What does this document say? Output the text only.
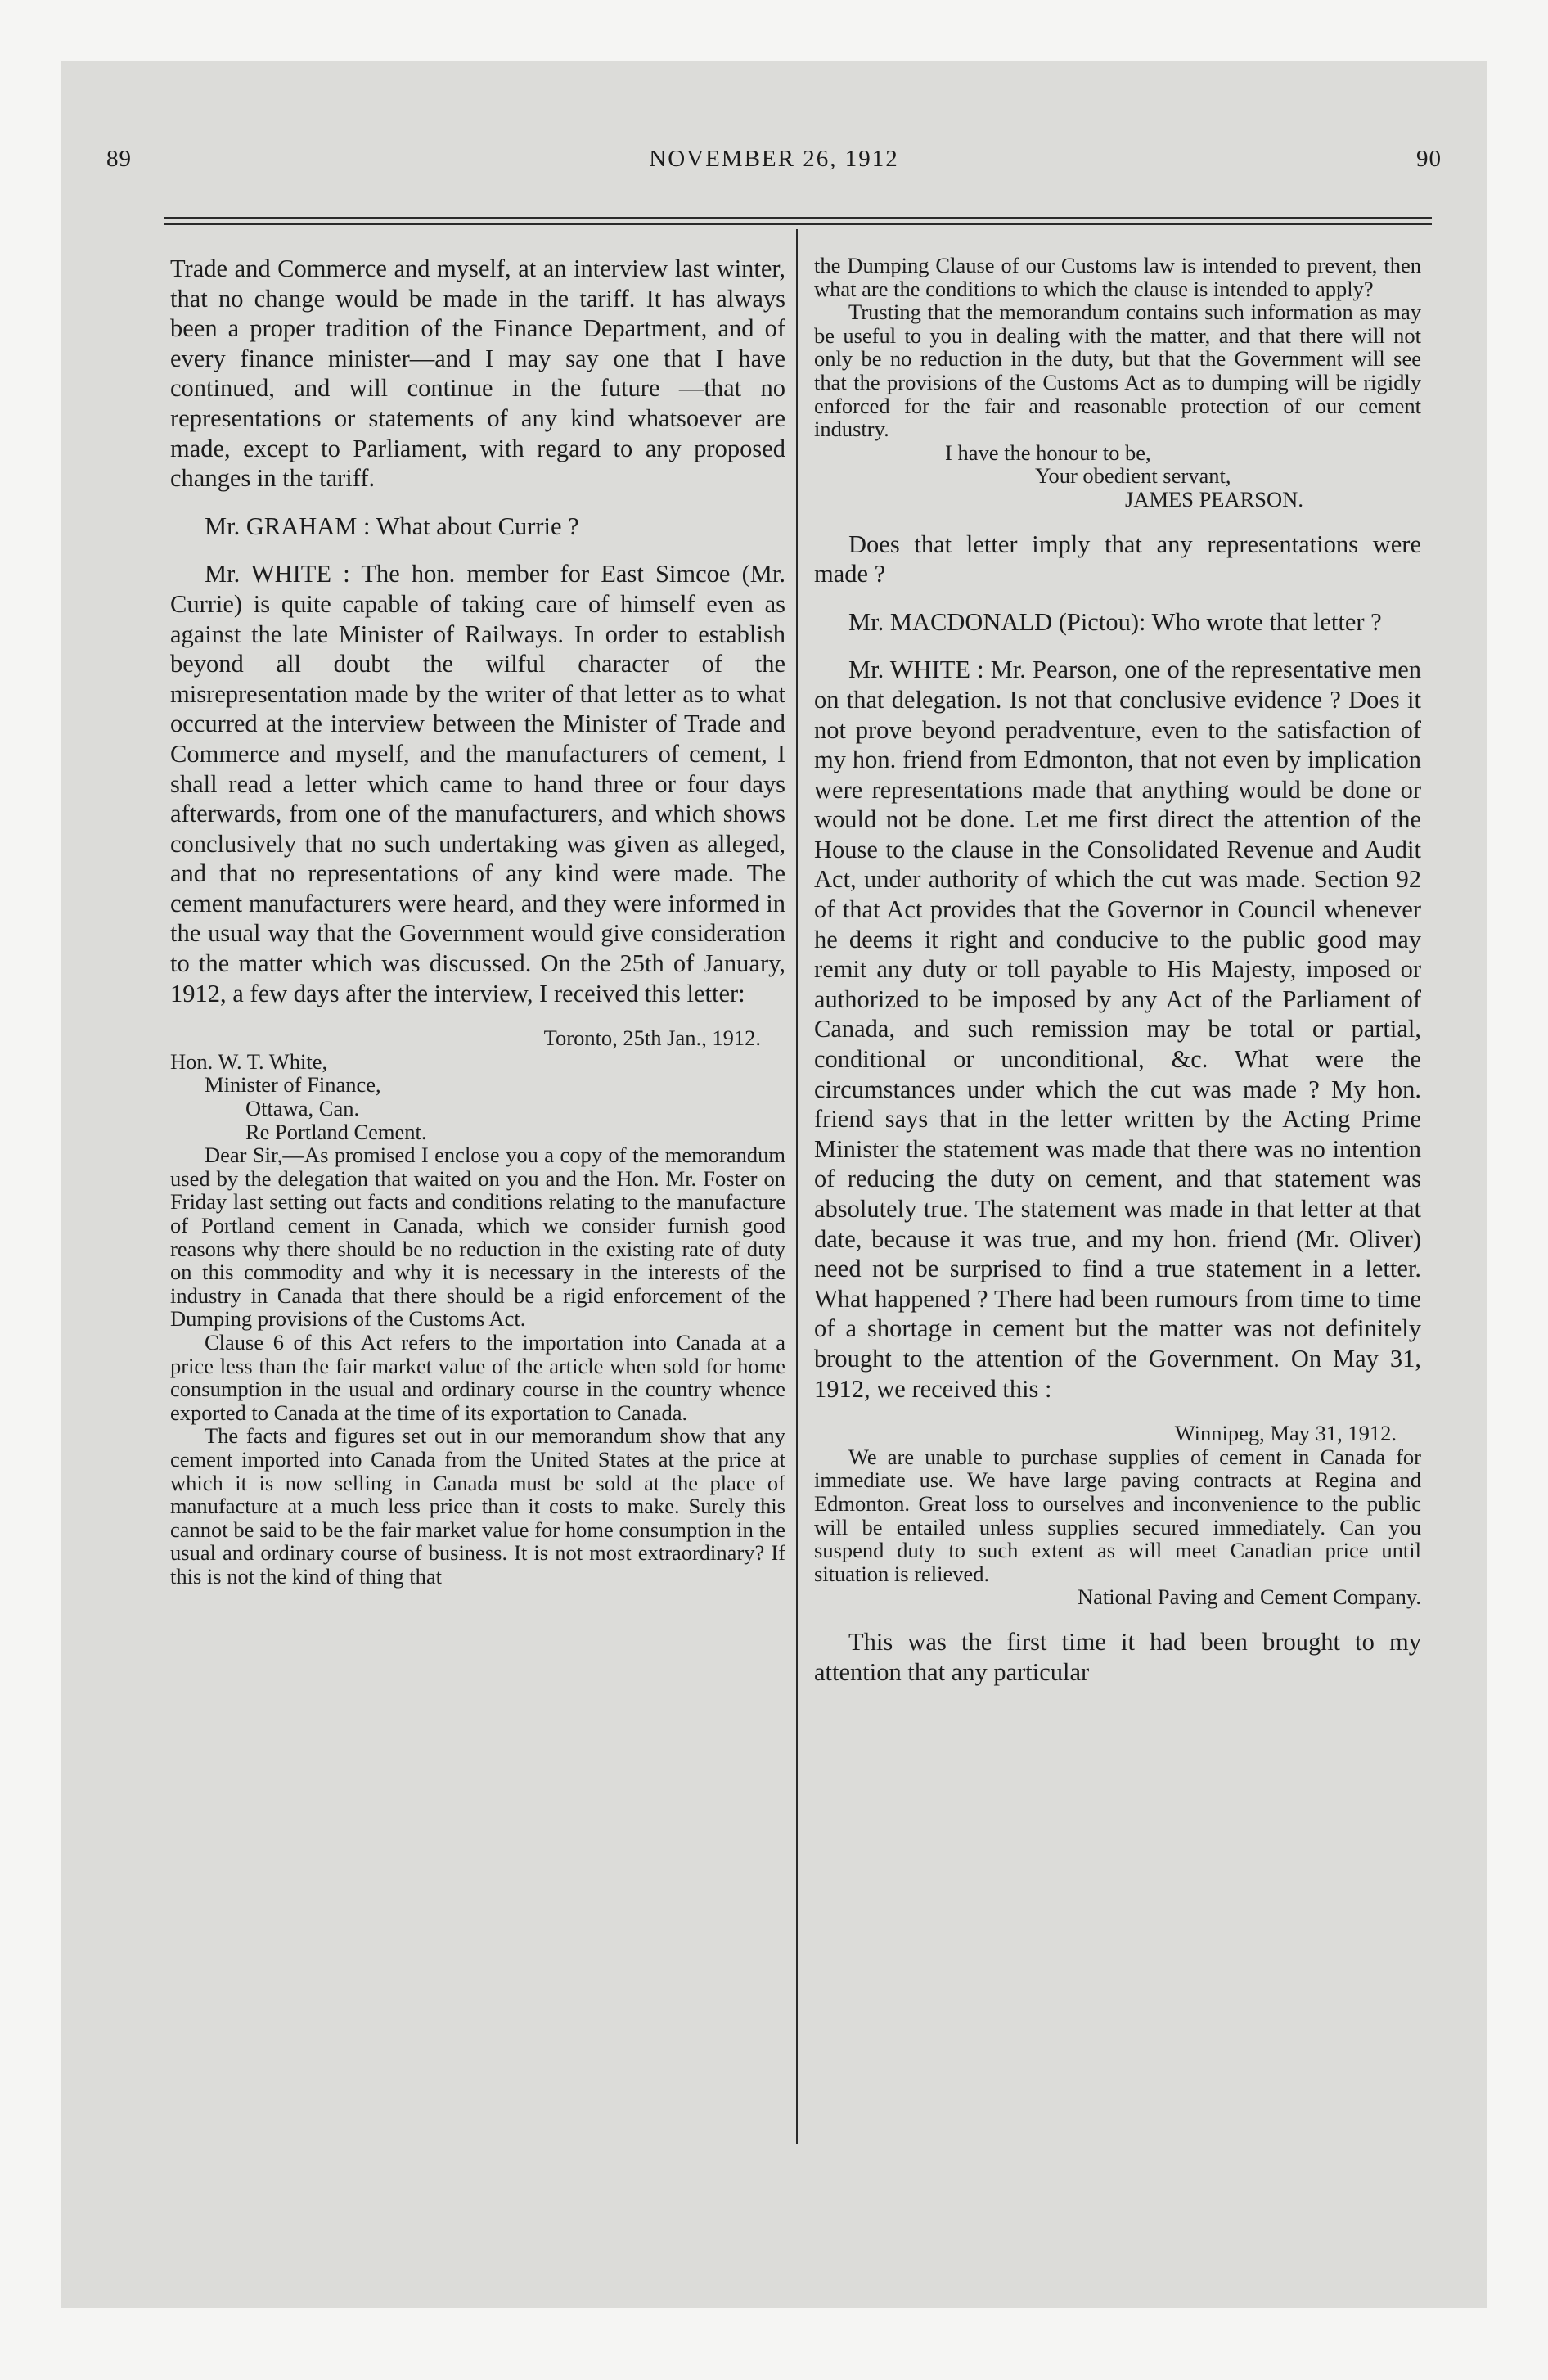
89	NOVEMBER 26, 1912	90

Trade and Commerce and myself, at an interview last winter, that no change would be made in the tariff. It has always been a proper tradition of the Finance Department, and of every finance minister—and I may say one that I have continued, and will continue in the future —that no representations or statements of any kind whatsoever are made, except to Parliament, with regard to any proposed changes in the tariff.

Mr. GRAHAM : What about Currie ?

Mr. WHITE : The hon. member for East Simcoe (Mr. Currie) is quite capable of taking care of himself even as against the late Minister of Railways. In order to establish beyond all doubt the wilful character of the misrepresentation made by the writer of that letter as to what occurred at the interview between the Minister of Trade and Commerce and myself, and the manufacturers of cement, I shall read a letter which came to hand three or four days afterwards, from one of the manufacturers, and which shows conclusively that no such undertaking was given as alleged, and that no representations of any kind were made. The cement manufacturers were heard, and they were informed in the usual way that the Government would give consideration to the matter which was discussed. On the 25th of January, 1912, a few days after the interview, I received this letter:

Toronto, 25th Jan., 1912.

Hon. W. T. White,

Minister of Finance,

Ottawa, Can.

Re Portland Cement.

Dear Sir,—As promised I enclose you a copy of the memorandum used by the delegation that waited on you and the Hon. Mr. Foster on Friday last setting out facts and conditions relating to the manufacture of Portland cement in Canada, which we consider furnish good reasons why there should be no reduction in the existing rate of duty on this commodity and why it is necessary in the interests of the industry in Canada that there should be a rigid enforcement of the Dumping provisions of the Customs Act.

Clause 6 of this Act refers to the importation into Canada at a price less than the fair market value of the article when sold for home consumption in the usual and ordinary course in the country whence exported to Canada at the time of its exportation to Canada.

The facts and figures set out in our memorandum show that any cement imported into Canada from the United States at the price at which it is now selling in Canada must be sold at the place of manufacture at a much less price than it costs to make. Surely this cannot be said to be the fair market value for home consumption in the usual and ordinary course of business. It is not most extraordinary? If this is not the kind of thing that

the Dumping Clause of our Customs law is intended to prevent, then what are the conditions to which the clause is intended to apply?

Trusting that the memorandum contains such information as may be useful to you in dealing with the matter, and that there will not only be no reduction in the duty, but that the Government will see that the provisions of the Customs Act as to dumping will be rigidly enforced for the fair and reasonable protection of our cement industry.

I have the honour to be,

Your obedient servant,

JAMES PEARSON.

Does that letter imply that any representations were made ?

Mr. MACDONALD (Pictou): Who wrote that letter ?

Mr. WHITE : Mr. Pearson, one of the representative men on that delegation. Is not that conclusive evidence ? Does it not prove beyond peradventure, even to the satisfaction of my hon. friend from Edmonton, that not even by implication were representations made that anything would be done or would not be done. Let me first direct the attention of the House to the clause in the Consolidated Revenue and Audit Act, under authority of which the cut was made. Section 92 of that Act provides that the Governor in Council whenever he deems it right and conducive to the public good may remit any duty or toll payable to His Majesty, imposed or authorized to be imposed by any Act of the Parliament of Canada, and such remission may be total or partial, conditional or unconditional, &c. What were the circumstances under which the cut was made ? My hon. friend says that in the letter written by the Acting Prime Minister the statement was made that there was no intention of reducing the duty on cement, and that statement was absolutely true. The statement was made in that letter at that date, because it was true, and my hon. friend (Mr. Oliver) need not be surprised to find a true statement in a letter. What happened ? There had been rumours from time to time of a shortage in cement but the matter was not definitely brought to the attention of the Government. On May 31, 1912, we received this :

Winnipeg, May 31, 1912.

We are unable to purchase supplies of cement in Canada for immediate use. We have large paving contracts at Regina and Edmonton. Great loss to ourselves and inconvenience to the public will be entailed unless supplies secured immediately. Can you suspend duty to such extent as will meet Canadian price until situation is relieved.

National Paving and Cement Company.

This was the first time it had been brought to my attention that any particular
